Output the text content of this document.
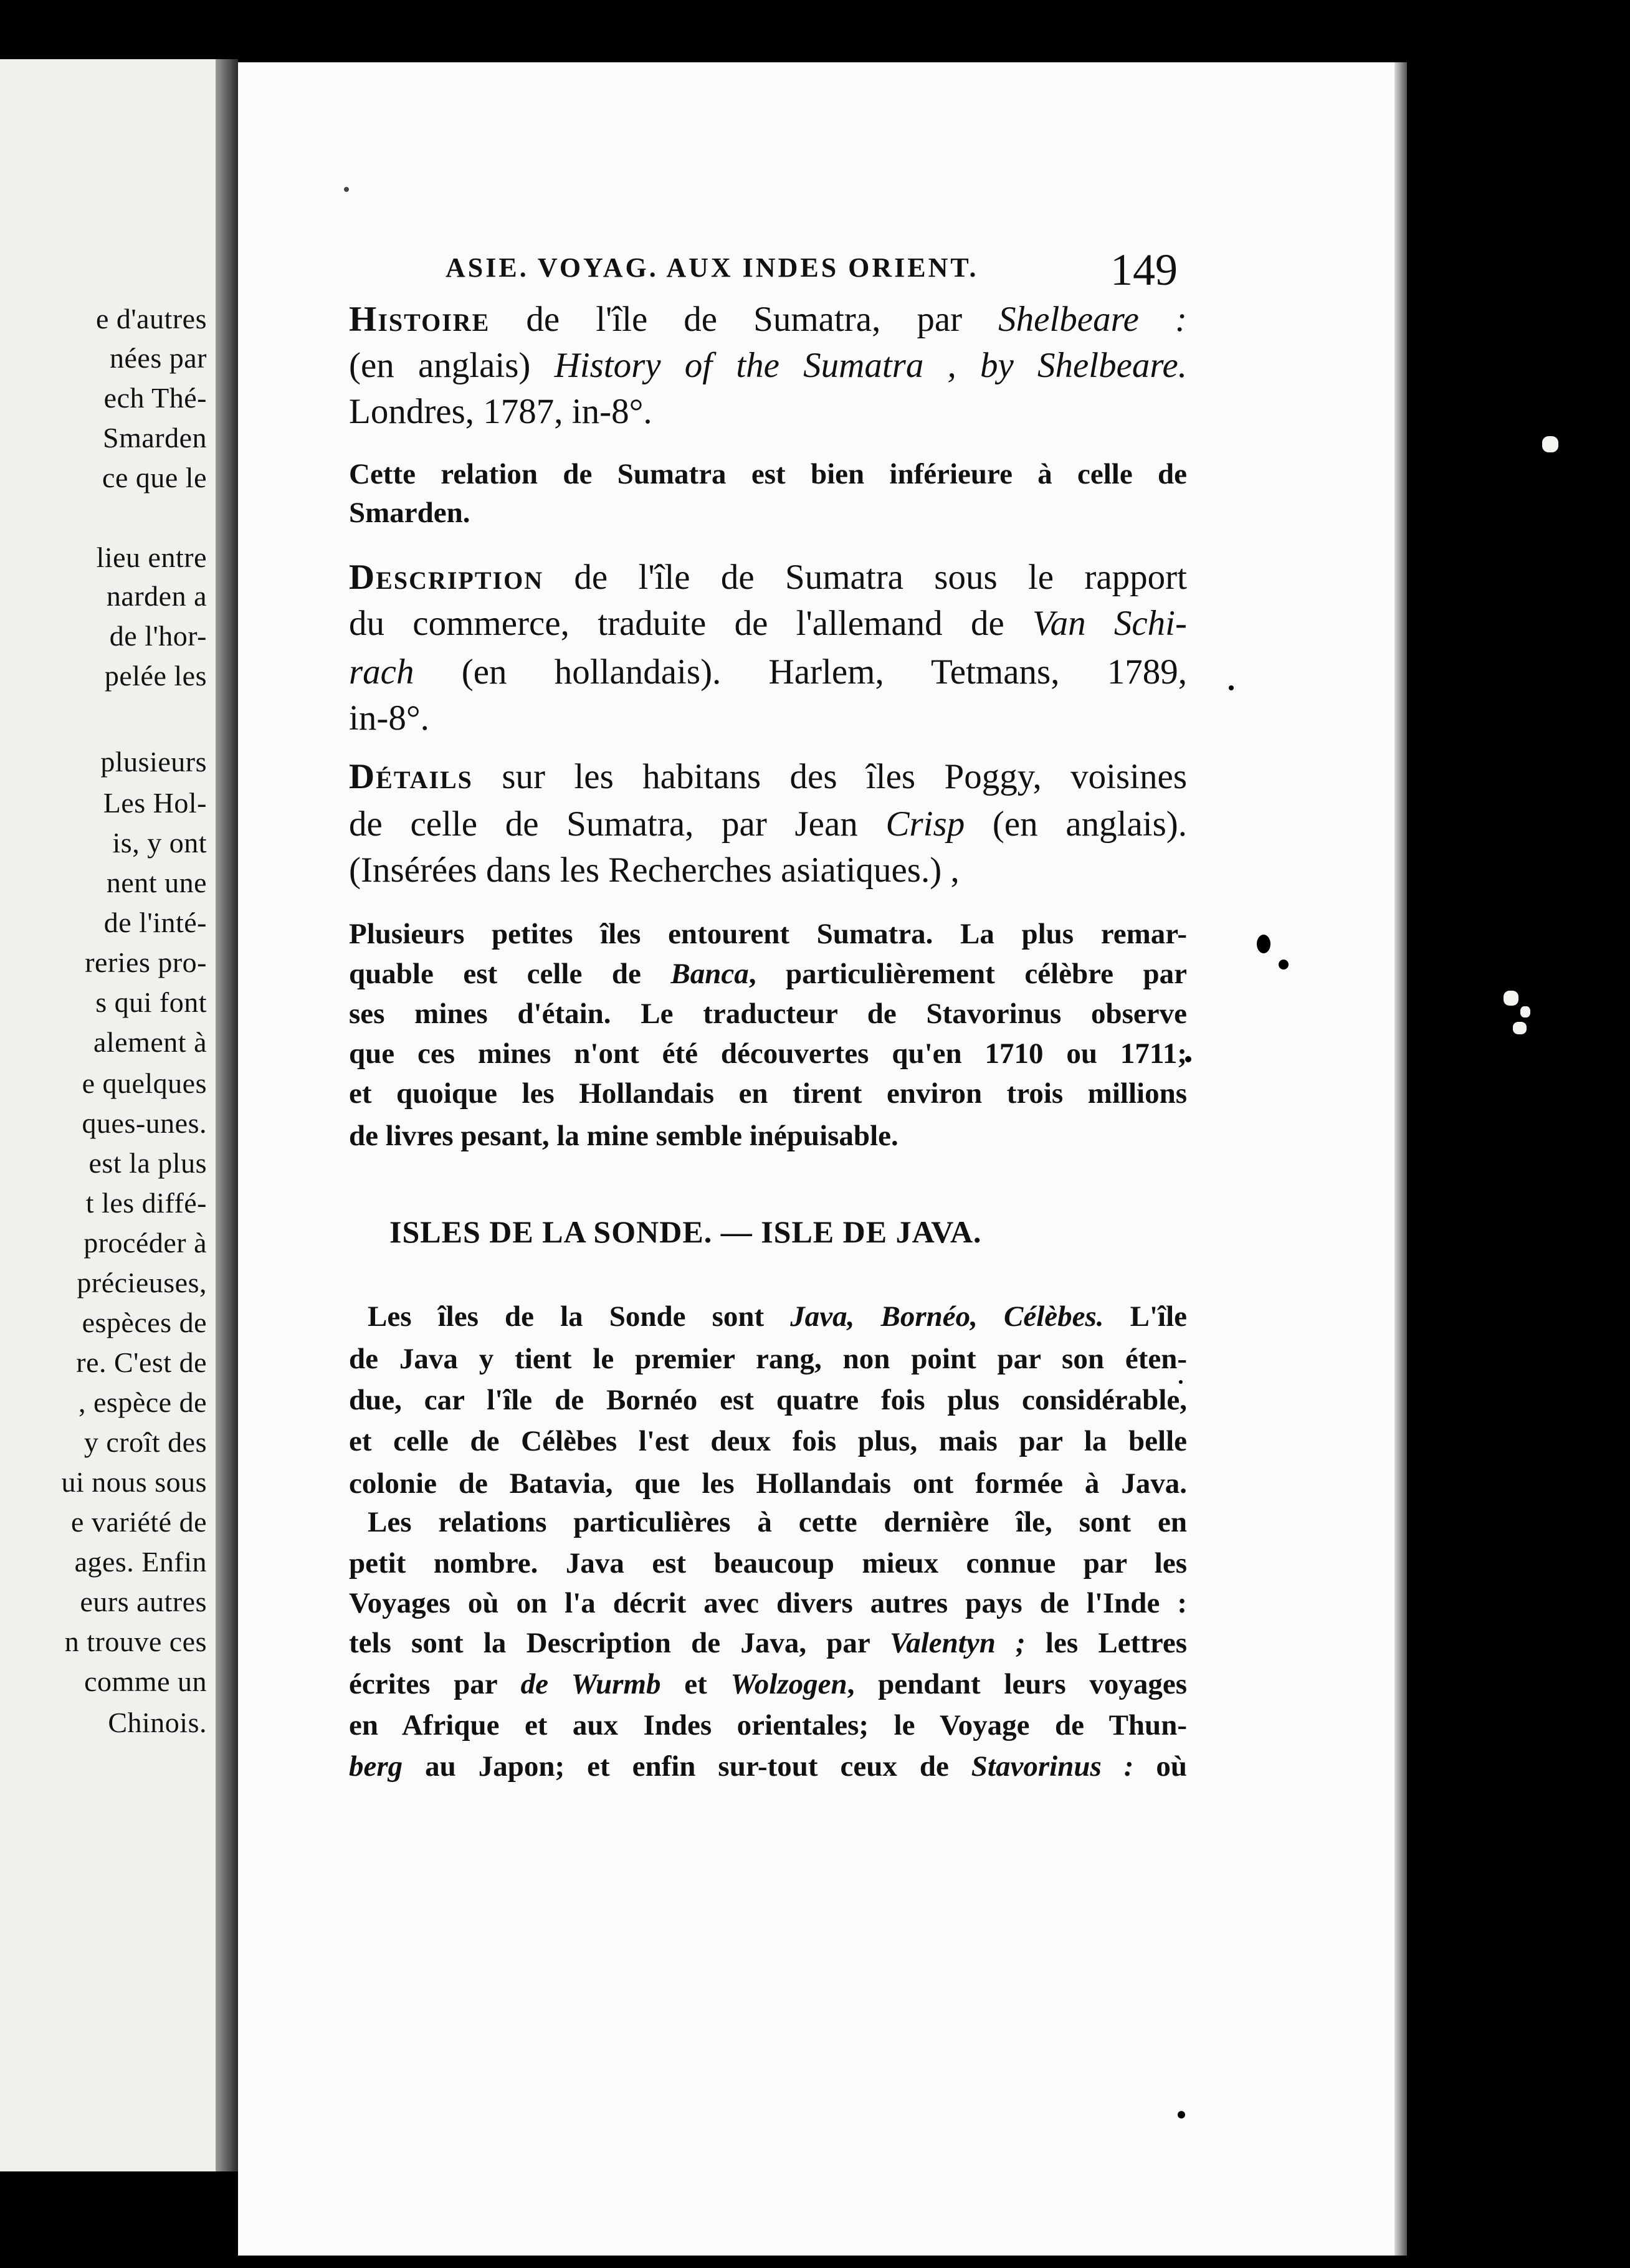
e d'autres
nées par
ech Thé-
Smarden
ce que le
lieu entre
narden a
de l'hor-
pelée les
plusieurs
Les Hol-
is, y ont
nent une
de l'inté-
reries pro-
s qui font
alement à
e quelques
ques-unes.
est la plus
t les diffé-
procéder à
précieuses,
espèces de
re. C'est de
, espèce de
y croît des
ui nous sous
e variété de
ages. Enfin
eurs autres
n trouve ces
comme un
Chinois.
ASIE. VOYAG. AUX INDES ORIENT.	149
Histoire de l'île de Sumatra, par Shelbeare :
(en anglais) History of the Sumatra , by Shelbeare.
Londres, 1787, in-8°.
Cette relation de Sumatra est bien inférieure à celle de
Smarden.
Description de l'île de Sumatra sous le rapport
du commerce, traduite de l'allemand de Van Schi-
rach (en hollandais). Harlem, Tetmans, 1789,
in-8°.
Détails sur les habitans des îles Poggy, voisines
de celle de Sumatra, par Jean Crisp (en anglais).
(Insérées dans les Recherches asiatiques.) ,
Plusieurs petites îles entourent Sumatra. La plus remar-
quable est celle de Banca, particulièrement célèbre par
ses mines d'étain. Le traducteur de Stavorinus observe
que ces mines n'ont été découvertes qu'en 1710 ou 1711;
et quoique les Hollandais en tirent environ trois millions
de livres pesant, la mine semble inépuisable.
ISLES DE LA SONDE. — ISLE DE JAVA.
Les îles de la Sonde sont Java, Bornéo, Célèbes. L'île
de Java y tient le premier rang, non point par son éten-
due, car l'île de Bornéo est quatre fois plus considérable,
et celle de Célèbes l'est deux fois plus, mais par la belle
colonie de Batavia, que les Hollandais ont formée à Java.
Les relations particulières à cette dernière île, sont en
petit nombre. Java est beaucoup mieux connue par les
Voyages où on l'a décrit avec divers autres pays de l'Inde :
tels sont la Description de Java, par Valentyn ; les Lettres
écrites par de Wurmb et Wolzogen, pendant leurs voyages
en Afrique et aux Indes orientales; le Voyage de Thun-
berg au Japon; et enfin sur-tout ceux de Stavorinus : où
